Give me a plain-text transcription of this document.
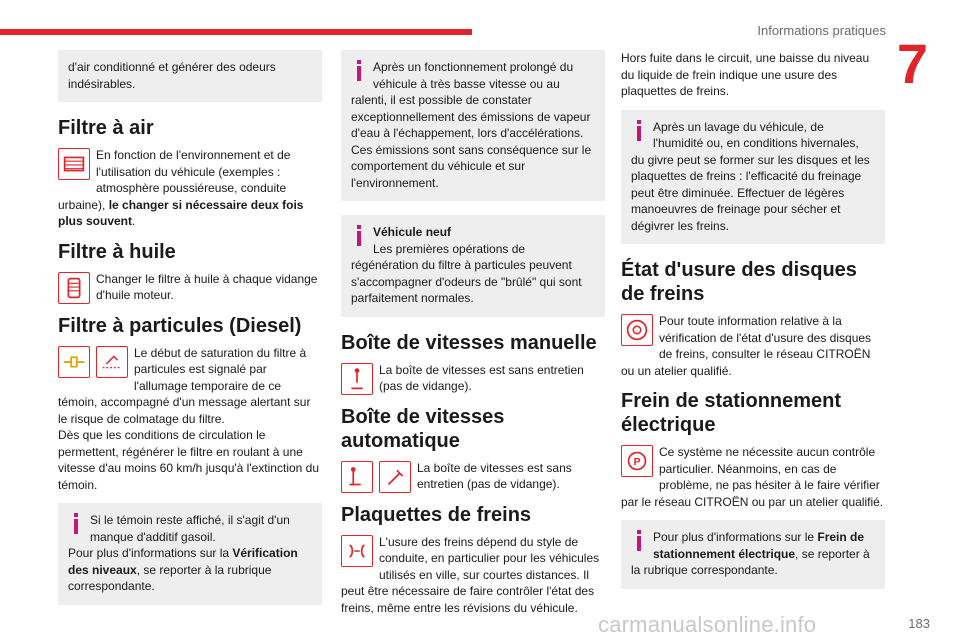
Informations pratiques
7
d'air conditionné et générer des odeurs indésirables.
Filtre à air
En fonction de l'environnement et de l'utilisation du véhicule (exemples : atmosphère poussiéreuse, conduite urbaine), le changer si nécessaire deux fois plus souvent.
Filtre à huile
Changer le filtre à huile à chaque vidange d'huile moteur.
Filtre à particules (Diesel)
Le début de saturation du filtre à particules est signalé par l'allumage temporaire de ce témoin, accompagné d'un message alertant sur le risque de colmatage du filtre.
Dès que les conditions de circulation le permettent, régénérer le filtre en roulant à une vitesse d'au moins 60 km/h jusqu'à l'extinction du témoin.
Si le témoin reste affiché, il s'agit d'un manque d'additif gasoil.
Pour plus d'informations sur la Vérification des niveaux, se reporter à la rubrique correspondante.
Après un fonctionnement prolongé du véhicule à très basse vitesse ou au ralenti, il est possible de constater exceptionnellement des émissions de vapeur d'eau à l'échappement, lors d'accélérations. Ces émissions sont sans conséquence sur le comportement du véhicule et sur l'environnement.
Véhicule neuf
Les premières opérations de régénération du filtre à particules peuvent s'accompagner d'odeurs de "brûlé" qui sont parfaitement normales.
Boîte de vitesses manuelle
La boîte de vitesses est sans entretien (pas de vidange).
Boîte de vitesses automatique
La boîte de vitesses est sans entretien (pas de vidange).
Plaquettes de freins
L'usure des freins dépend du style de conduite, en particulier pour les véhicules utilisés en ville, sur courtes distances. Il peut être nécessaire de faire contrôler l'état des freins, même entre les révisions du véhicule.
Hors fuite dans le circuit, une baisse du niveau du liquide de frein indique une usure des plaquettes de freins.
Après un lavage du véhicule, de l'humidité ou, en conditions hivernales, du givre peut se former sur les disques et les plaquettes de freins : l'efficacité du freinage peut être diminuée. Effectuer de légères manoeuvres de freinage pour sécher et dégivrer les freins.
État d'usure des disques de freins
Pour toute information relative à la vérification de l'état d'usure des disques de freins, consulter le réseau CITROËN ou un atelier qualifié.
Frein de stationnement électrique
P
Ce système ne nécessite aucun contrôle particulier. Néanmoins, en cas de problème, ne pas hésiter à le faire vérifier par le réseau CITROËN ou par un atelier qualifié.
Pour plus d'informations sur le Frein de stationnement électrique, se reporter à la rubrique correspondante.
carmanualsonline.info	183
